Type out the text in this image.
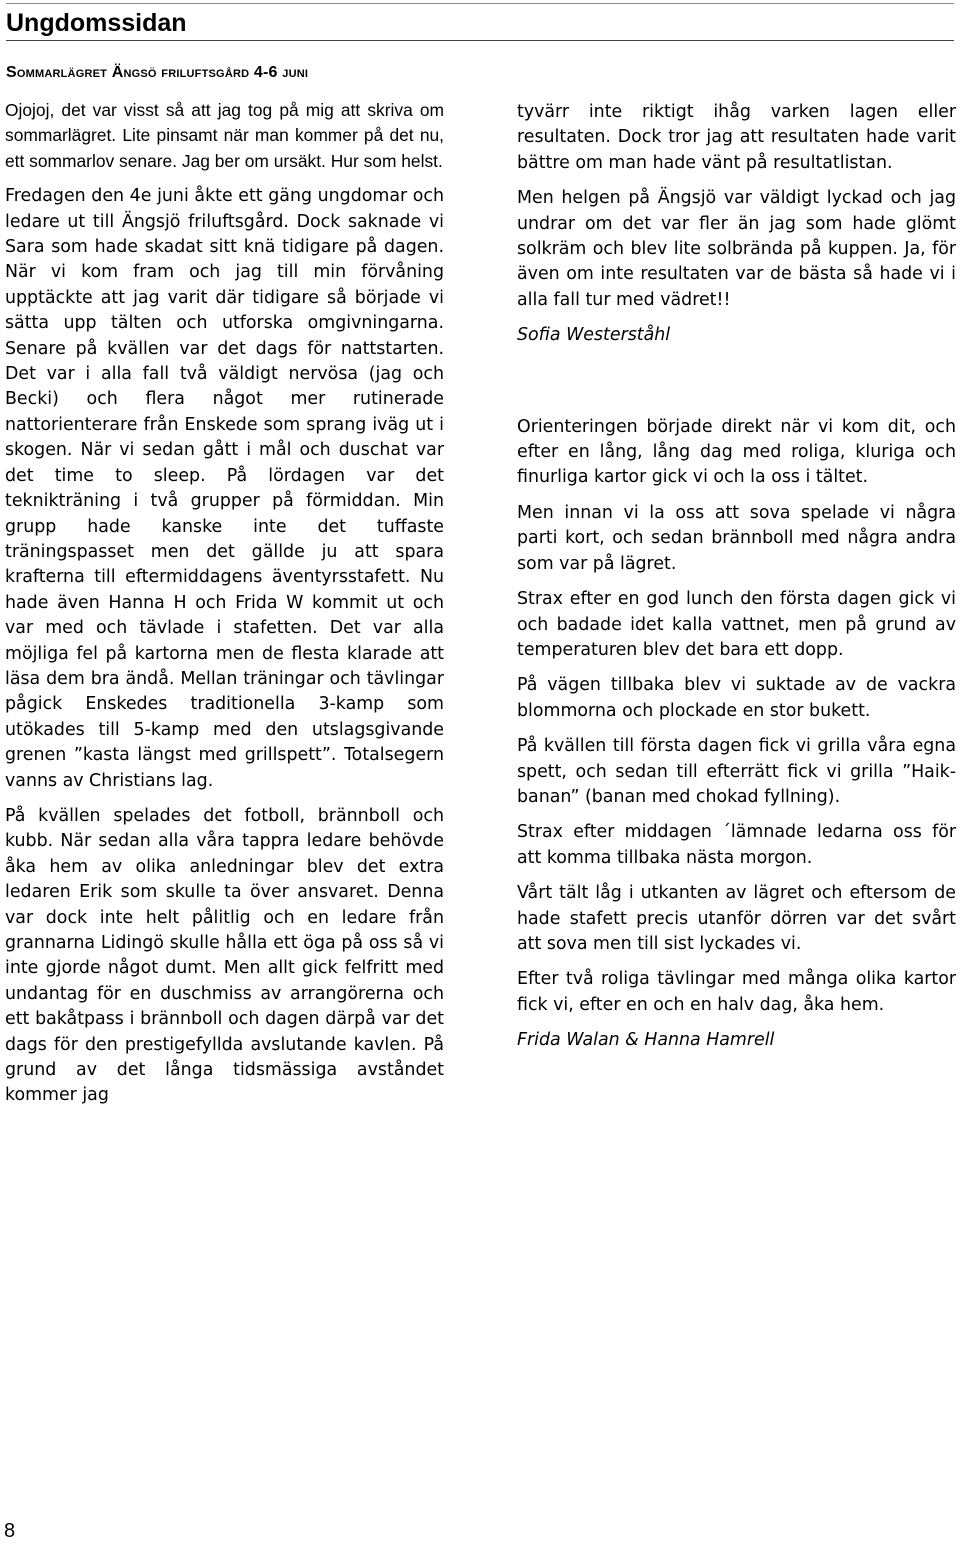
Ungdomssidan
Sommarlägret Ängsö friluftsgård 4-6 juni

Ojojoj, det var visst så att jag tog på mig att skriva om sommarlägret. Lite pinsamt när man kommer på det nu, ett sommarlov senare. Jag ber om ursäkt. Hur som helst.

Fredagen den 4e juni åkte ett gäng ungdomar och ledare ut till Ängsjö friluftsgård. Dock saknade vi Sara som hade skadat sitt knä tidigare på dagen. När vi kom fram och jag till min förvåning upptäckte att jag varit där tidigare så började vi sätta upp tälten och utforska omgivningarna. Senare på kvällen var det dags för nattstarten. Det var i alla fall två väldigt nervösa (jag och Becki) och flera något mer rutinerade nattorienterare från Enskede som sprang iväg ut i skogen. När vi sedan gått i mål och duschat var det time to sleep. På lördagen var det teknikträning i två grupper på förmiddan. Min grupp hade kanske inte det tuffaste träningspasset men det gällde ju att spara krafterna till eftermiddagens äventyrsstafett. Nu hade även Hanna H och Frida W kommit ut och var med och tävlade i stafetten. Det var alla möjliga fel på kartorna men de flesta klarade att läsa dem bra ändå. Mellan träningar och tävlingar pågick Enskedes traditionella 3-kamp som utökades till 5-kamp med den utslagsgivande grenen ”kasta längst med grillspett”. Totalsegern vanns av Christians lag.

På kvällen spelades det fotboll, brännboll och kubb. När sedan alla våra tappra ledare behövde åka hem av olika anledningar blev det extra ledaren Erik som skulle ta över ansvaret. Denna var dock inte helt pålitlig och en ledare från grannarna Lidingö skulle hålla ett öga på oss så vi inte gjorde något dumt. Men allt gick felfritt med undantag för en duschmiss av arrangörerna och ett bakåtpass i brännboll och dagen därpå var det dags för den prestigefyllda avslutande kavlen. På grund av det långa tidsmässiga avståndet kommer jag

tyvärr inte riktigt ihåg varken lagen eller resultaten. Dock tror jag att resultaten hade varit bättre om man hade vänt på resultatlistan.

Men helgen på Ängsjö var väldigt lyckad och jag undrar om det var fler än jag som hade glömt solkräm och blev lite solbrända på kuppen. Ja, för även om inte resultaten var de bästa så hade vi i alla fall tur med vädret!!

Sofia Westerståhl

Orienteringen började direkt när vi kom dit, och efter en lång, lång dag med roliga, kluriga och finurliga kartor gick vi och la oss i tältet.

Men innan vi la oss att sova spelade vi några parti kort, och sedan brännboll med några andra som var på lägret.

Strax efter en god lunch den första dagen gick vi och badade idet kalla vattnet, men på grund av temperaturen blev det bara ett dopp.

På vägen tillbaka blev vi suktade av de vackra blommorna och plockade en stor bukett.

På kvällen till första dagen fick vi grilla våra egna spett, och sedan till efterrätt fick vi grilla ”Haik-banan” (banan med chokad fyllning).

Strax efter middagen ´lämnade ledarna oss för att komma tillbaka nästa morgon.

Vårt tält låg i utkanten av lägret och eftersom de hade stafett precis utanför dörren var det svårt att sova men till sist lyckades vi.

Efter två roliga tävlingar med många olika kartor fick vi, efter en och en halv dag, åka hem.

Frida Walan & Hanna Hamrell

8
